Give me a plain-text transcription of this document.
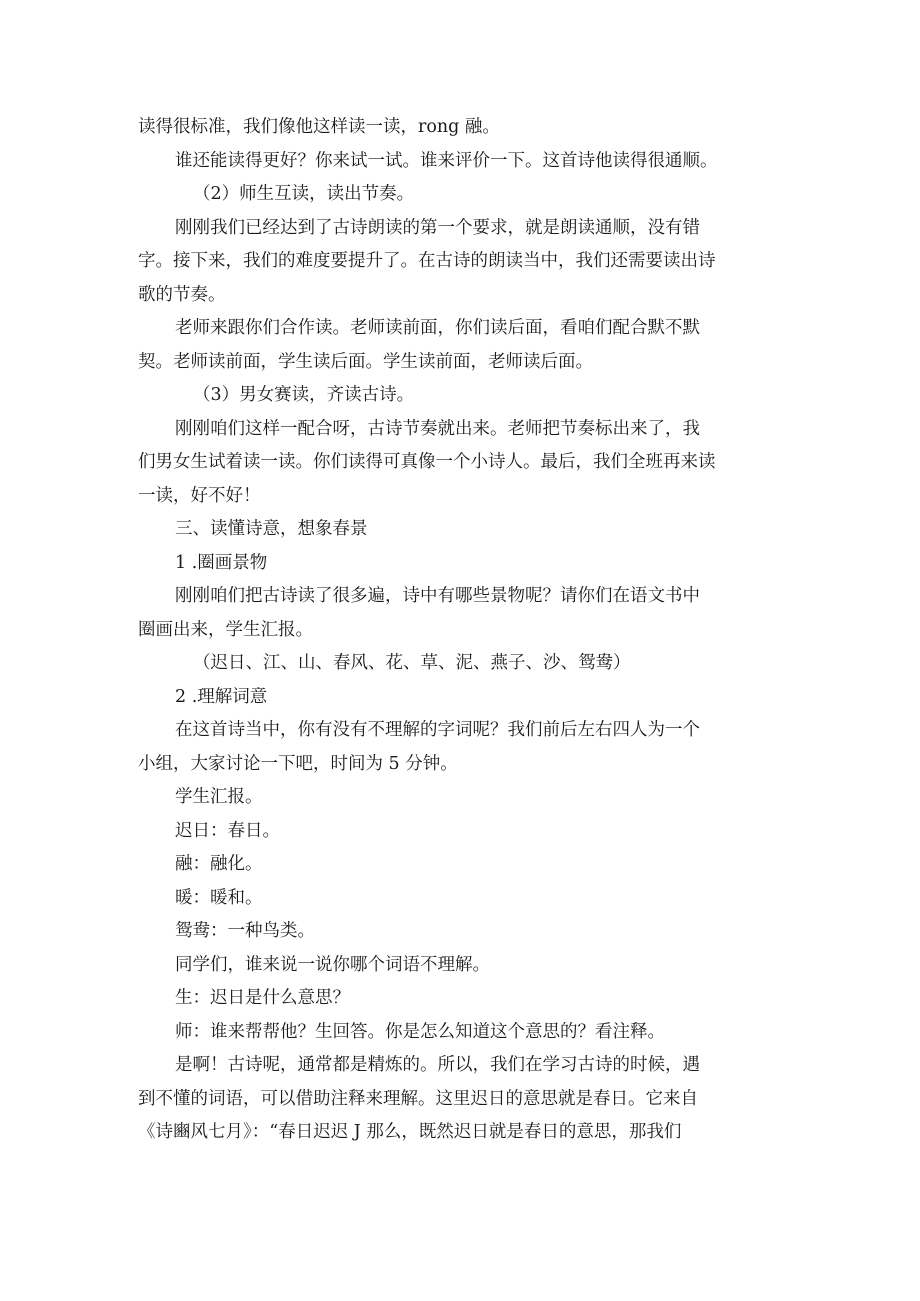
读得很标准，我们像他这样读一读，rong 融。
谁还能读得更好？你来试一试。谁来评价一下。这首诗他读得很通顺。
（2）师生互读，读出节奏。
刚刚我们已经达到了古诗朗读的第一个要求，就是朗读通顺，没有错
字。接下来，我们的难度要提升了。在古诗的朗读当中，我们还需要读出诗
歌的节奏。
老师来跟你们合作读。老师读前面，你们读后面，看咱们配合默不默
契。老师读前面，学生读后面。学生读前面，老师读后面。
（3）男女赛读，齐读古诗。
刚刚咱们这样一配合呀，古诗节奏就出来。老师把节奏标出来了，我
们男女生试着读一读。你们读得可真像一个小诗人。最后，我们全班再来读
一读，好不好！
三、读懂诗意，想象春景
1 .圈画景物
刚刚咱们把古诗读了很多遍，诗中有哪些景物呢？请你们在语文书中
圈画出来，学生汇报。
（迟日、江、山、春风、花、草、泥、燕子、沙、鸳鸯）
2 .理解词意
在这首诗当中，你有没有不理解的字词呢？我们前后左右四人为一个
小组，大家讨论一下吧，时间为 5 分钟。
学生汇报。
迟日：春日。
融：融化。
暖：暖和。
鸳鸯：一种鸟类。
同学们，谁来说一说你哪个词语不理解。
生：迟日是什么意思？
师：谁来帮帮他？生回答。你是怎么知道这个意思的？看注释。
是啊！古诗呢，通常都是精炼的。所以，我们在学习古诗的时候，遇
到不懂的词语，可以借助注释来理解。这里迟日的意思就是春日。它来自
《诗豳风七月》：“春日迟迟 J 那么，既然迟日就是春日的意思，那我们
